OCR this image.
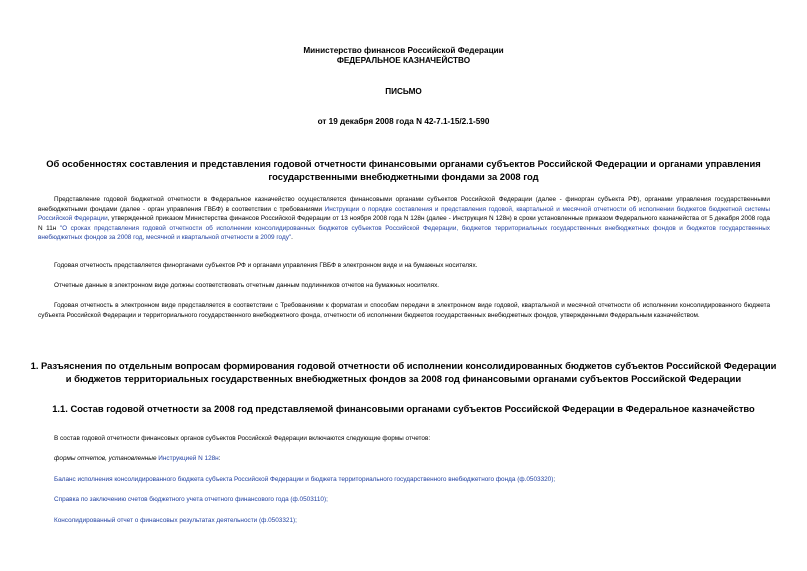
Министерство финансов Российской Федерации

ФЕДЕРАЛЬНОЕ КАЗНАЧЕЙСТВО

ПИСЬМО

от 19 декабря 2008 года N 42-7.1-15/2.1-590

Об особенностях составления и представления годовой отчетности финансовыми органами субъектов Российской Федерации и органами управления государственными внебюджетными фондами за 2008 год

Представление годовой бюджетной отчетности в Федеральное казначейство осуществляется финансовыми органами субъектов Российской Федерации (далее - финорган субъекта РФ), органами управления государственными внебюджетными фондами (далее - орган управления ГВБФ) в соответствии с требованиями Инструкции о порядке составления и представления годовой, квартальной и месячной отчетности об исполнении бюджетов бюджетной системы Российской Федерации, утвержденной приказом Министерства финансов Российской Федерации от 13 ноября 2008 года N 128н (далее - Инструкция N 128н) в сроки установленные приказом Федерального казначейства от 5 декабря 2008 года N 11н "О сроках представления годовой отчетности об исполнении консолидированных бюджетов субъектов Российской Федерации, бюджетов территориальных государственных внебюджетных фондов и бюджетов государственных внебюджетных фондов за 2008 год, месячной и квартальной отчетности в 2009 году".

Годовая отчетность представляется финорганами субъектов РФ и органами управления ГВБФ в электронном виде и на бумажных носителях.

Отчетные данные в электронном виде должны соответствовать отчетным данным подлинников отчетов на бумажных носителях.

Годовая отчетность в электронном виде представляется в соответствии с Требованиями к форматам и способам передачи в электронном виде годовой, квартальной и месячной отчетности об исполнении консолидированного бюджета субъекта Российской Федерации и территориального государственного внебюджетного фонда, отчетности об исполнении бюджетов государственных внебюджетных фондов, утвержденными Федеральным казначейством.

1. Разъяснения по отдельным вопросам формирования годовой отчетности об исполнении консолидированных бюджетов субъектов Российской Федерации и бюджетов территориальных государственных внебюджетных фондов за 2008 год финансовыми органами субъектов Российской Федерации

1.1. Состав годовой отчетности за 2008 год представляемой финансовыми органами субъектов Российской Федерации в Федеральное казначейство

В состав годовой отчетности финансовых органов субъектов Российской Федерации включаются следующие формы отчетов:

формы отчетов, установленные Инструкцией N 128н:

Баланс исполнения консолидированного бюджета субъекта Российской Федерации и бюджета территориального государственного внебюджетного фонда (ф.0503320);

Справка по заключению счетов бюджетного учета отчетного финансового года (ф.0503110);

Консолидированный отчет о финансовых результатах деятельности (ф.0503321);
